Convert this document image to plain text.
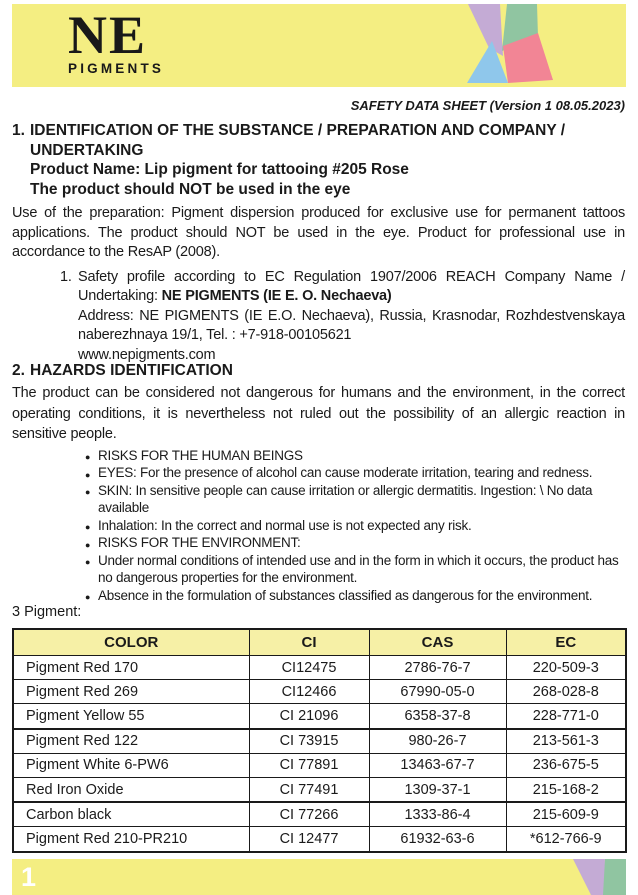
NE
PIGMENTS
SAFETY DATA SHEET (Version 1 08.05.2023)
1. IDENTIFICATION OF THE SUBSTANCE / PREPARATION AND COMPANY /
UNDERTAKING
Product Name: Lip pigment for tattooing #205 Rose
The product should NOT be used in the eye

Use of the preparation: Pigment dispersion produced for exclusive use for permanent tattoos applications. The product should NOT be used in the eye. Product for professional use in accordance to the ResAP (2008).

1. Safety profile according to EC Regulation 1907/2006 REACH Company Name / Undertaking: NE PIGMENTS (IE E. O. Nechaeva)

Address: NE PIGMENTS (IE E.O. Nechaeva), Russia, Krasnodar, Rozhdestvenskaya naberezhnaya 19/1, Tel. : +7-918-00105621

www.nepigments.com

2. HAZARDS IDENTIFICATION

The product can be considered not dangerous for humans and the environment, in the correct operating conditions, it is nevertheless not ruled out the possibility of an allergic reaction in sensitive people.

● RISKS FOR THE HUMAN BEINGS
● EYES: For the presence of alcohol can cause moderate irritation, tearing and redness.
● SKIN: In sensitive people can cause irritation or allergic dermatitis. Ingestion: \ No data available
● Inhalation: In the correct and normal use is not expected any risk.
● RISKS FOR THE ENVIRONMENT:
● Under normal conditions of intended use and in the form in which it occurs, the product has no dangerous properties for the environment.
● Absence in the formulation of substances classified as dangerous for the environment.
3 Pigment:
COLOR	CI	CAS	EC
Pigment Red 170	CI12475	2786-76-7	220-509-3
Pigment Red 269	CI12466	67990-05-0	268-028-8
Pigment Yellow 55	CI 21096	6358-37-8	228-771-0
Pigment Red 122	CI 73915	980-26-7	213-561-3
Pigment White 6-PW6	CI 77891	13463-67-7	236-675-5
Red Iron Oxide	CI 77491	1309-37-1	215-168-2
Carbon black	CI 77266	1333-86-4	215-609-9
Pigment Red 210-PR210	CI 12477	61932-63-6	*612-766-9
1
